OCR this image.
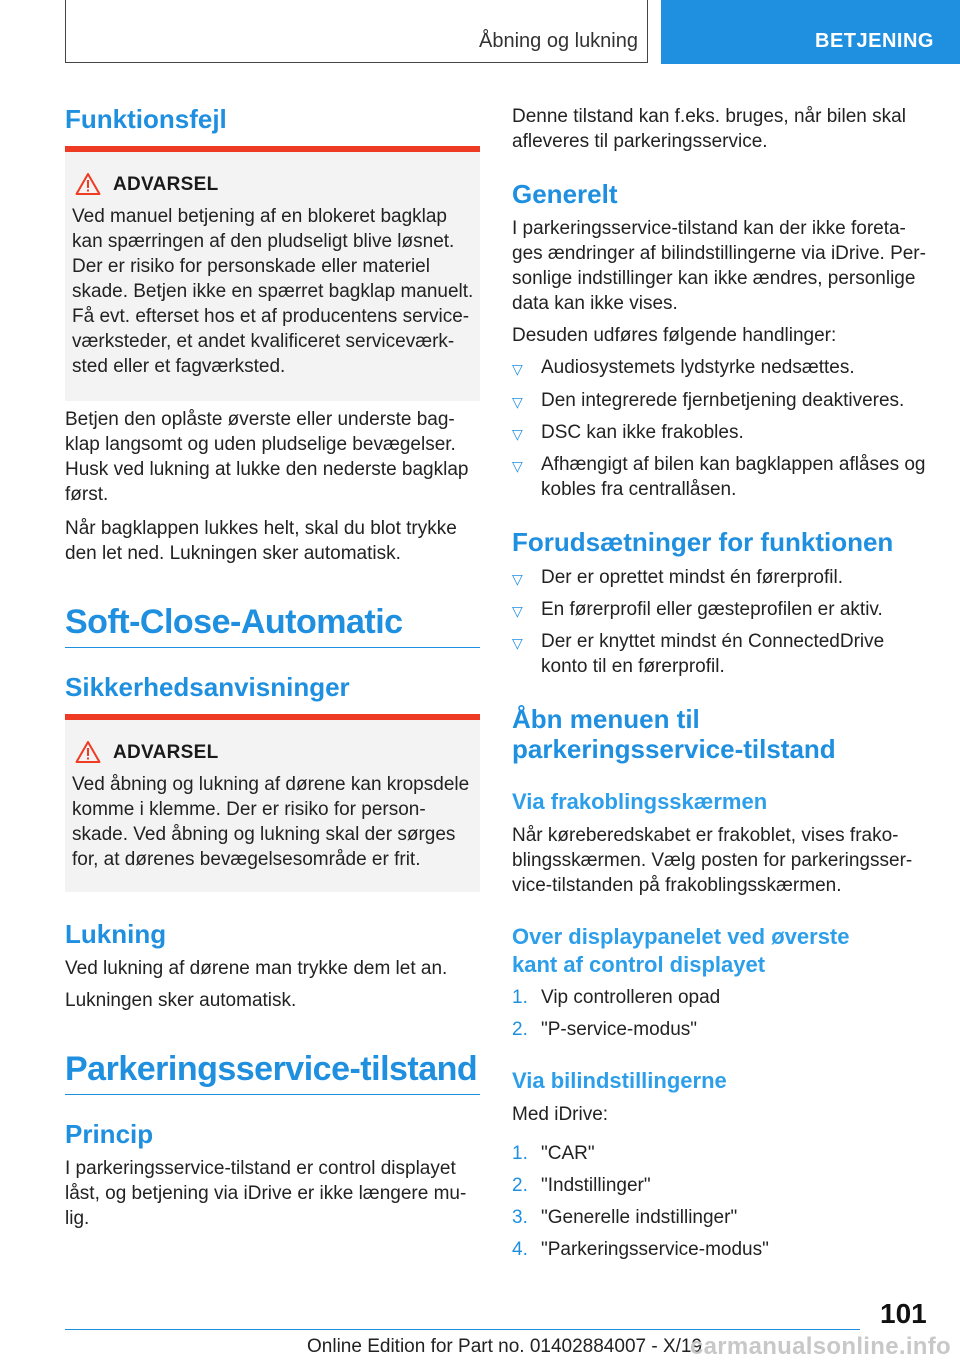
Åbning og lukning	BETJENING
Funktionsfejl
ADVARSEL
Ved manuel betjening af en blokeret bagklap kan spærringen af den pludseligt blive løsnet. Der er risiko for personskade eller materiel skade. Betjen ikke en spærret bagklap manuelt. Få evt. efterset hos et af producentens service-værksteder, et andet kvalificeret serviceværk-sted eller et fagværksted.

Betjen den oplåste øverste eller underste bag-klap langsomt og uden pludselige bevægelser. Husk ved lukning at lukke den nederste bagklap først.

Når bagklappen lukkes helt, skal du blot trykke den let ned. Lukningen sker automatisk.

Soft-Close-Automatic
Sikkerhedsanvisninger
ADVARSEL
Ved åbning og lukning af dørene kan kropsdele komme i klemme. Der er risiko for person-skade. Ved åbning og lukning skal der sørges for, at dørenes bevægelsesområde er frit.
Lukning

Ved lukning af dørene man trykke dem let an.

Lukningen sker automatisk.

Parkeringsservice-tilstand
Princip

I parkeringsservice-tilstand er control displayet låst, og betjening via iDrive er ikke længere mu-lig.

Denne tilstand kan f.eks. bruges, når bilen skal afleveres til parkeringsservice.

Generelt

I parkeringsservice-tilstand kan der ikke foreta-ges ændringer af bilindstillingerne via iDrive. Per-sonlige indstillinger kan ikke ændres, personlige data kan ikke vises.

Desuden udføres følgende handlinger:

▽ Audiosystemets lydstyrke nedsættes.
▽ Den integrerede fjernbetjening deaktiveres.
▽ DSC kan ikke frakobles.
▽ Afhængigt af bilen kan bagklappen aflåses og kobles fra centrallåsen.
Forudsætninger for funktionen
▽ Der er oprettet mindst én førerprofil.
▽ En førerprofil eller gæsteprofilen er aktiv.
▽ Der er knyttet mindst én ConnectedDrive konto til en førerprofil.
Åbn menuen til
parkeringsservice-tilstand
Via frakoblingsskærmen

Når køreberedskabet er frakoblet, vises frako-blingsskærmen. Vælg posten for parkeringsser-vice-tilstanden på frakoblingsskærmen.

Over displaypanelet ved øverste
kant af control displayet
1. Vip controlleren opad
2. "P-service-modus"
Via bilindstillingerne

Med iDrive:

1. "CAR"
2. "Indstillinger"
3. "Generelle indstillinger"
4. "Parkeringsservice-modus"
101
Online Edition for Part no. 01402884007 - X/19
carmanualsonline.info
